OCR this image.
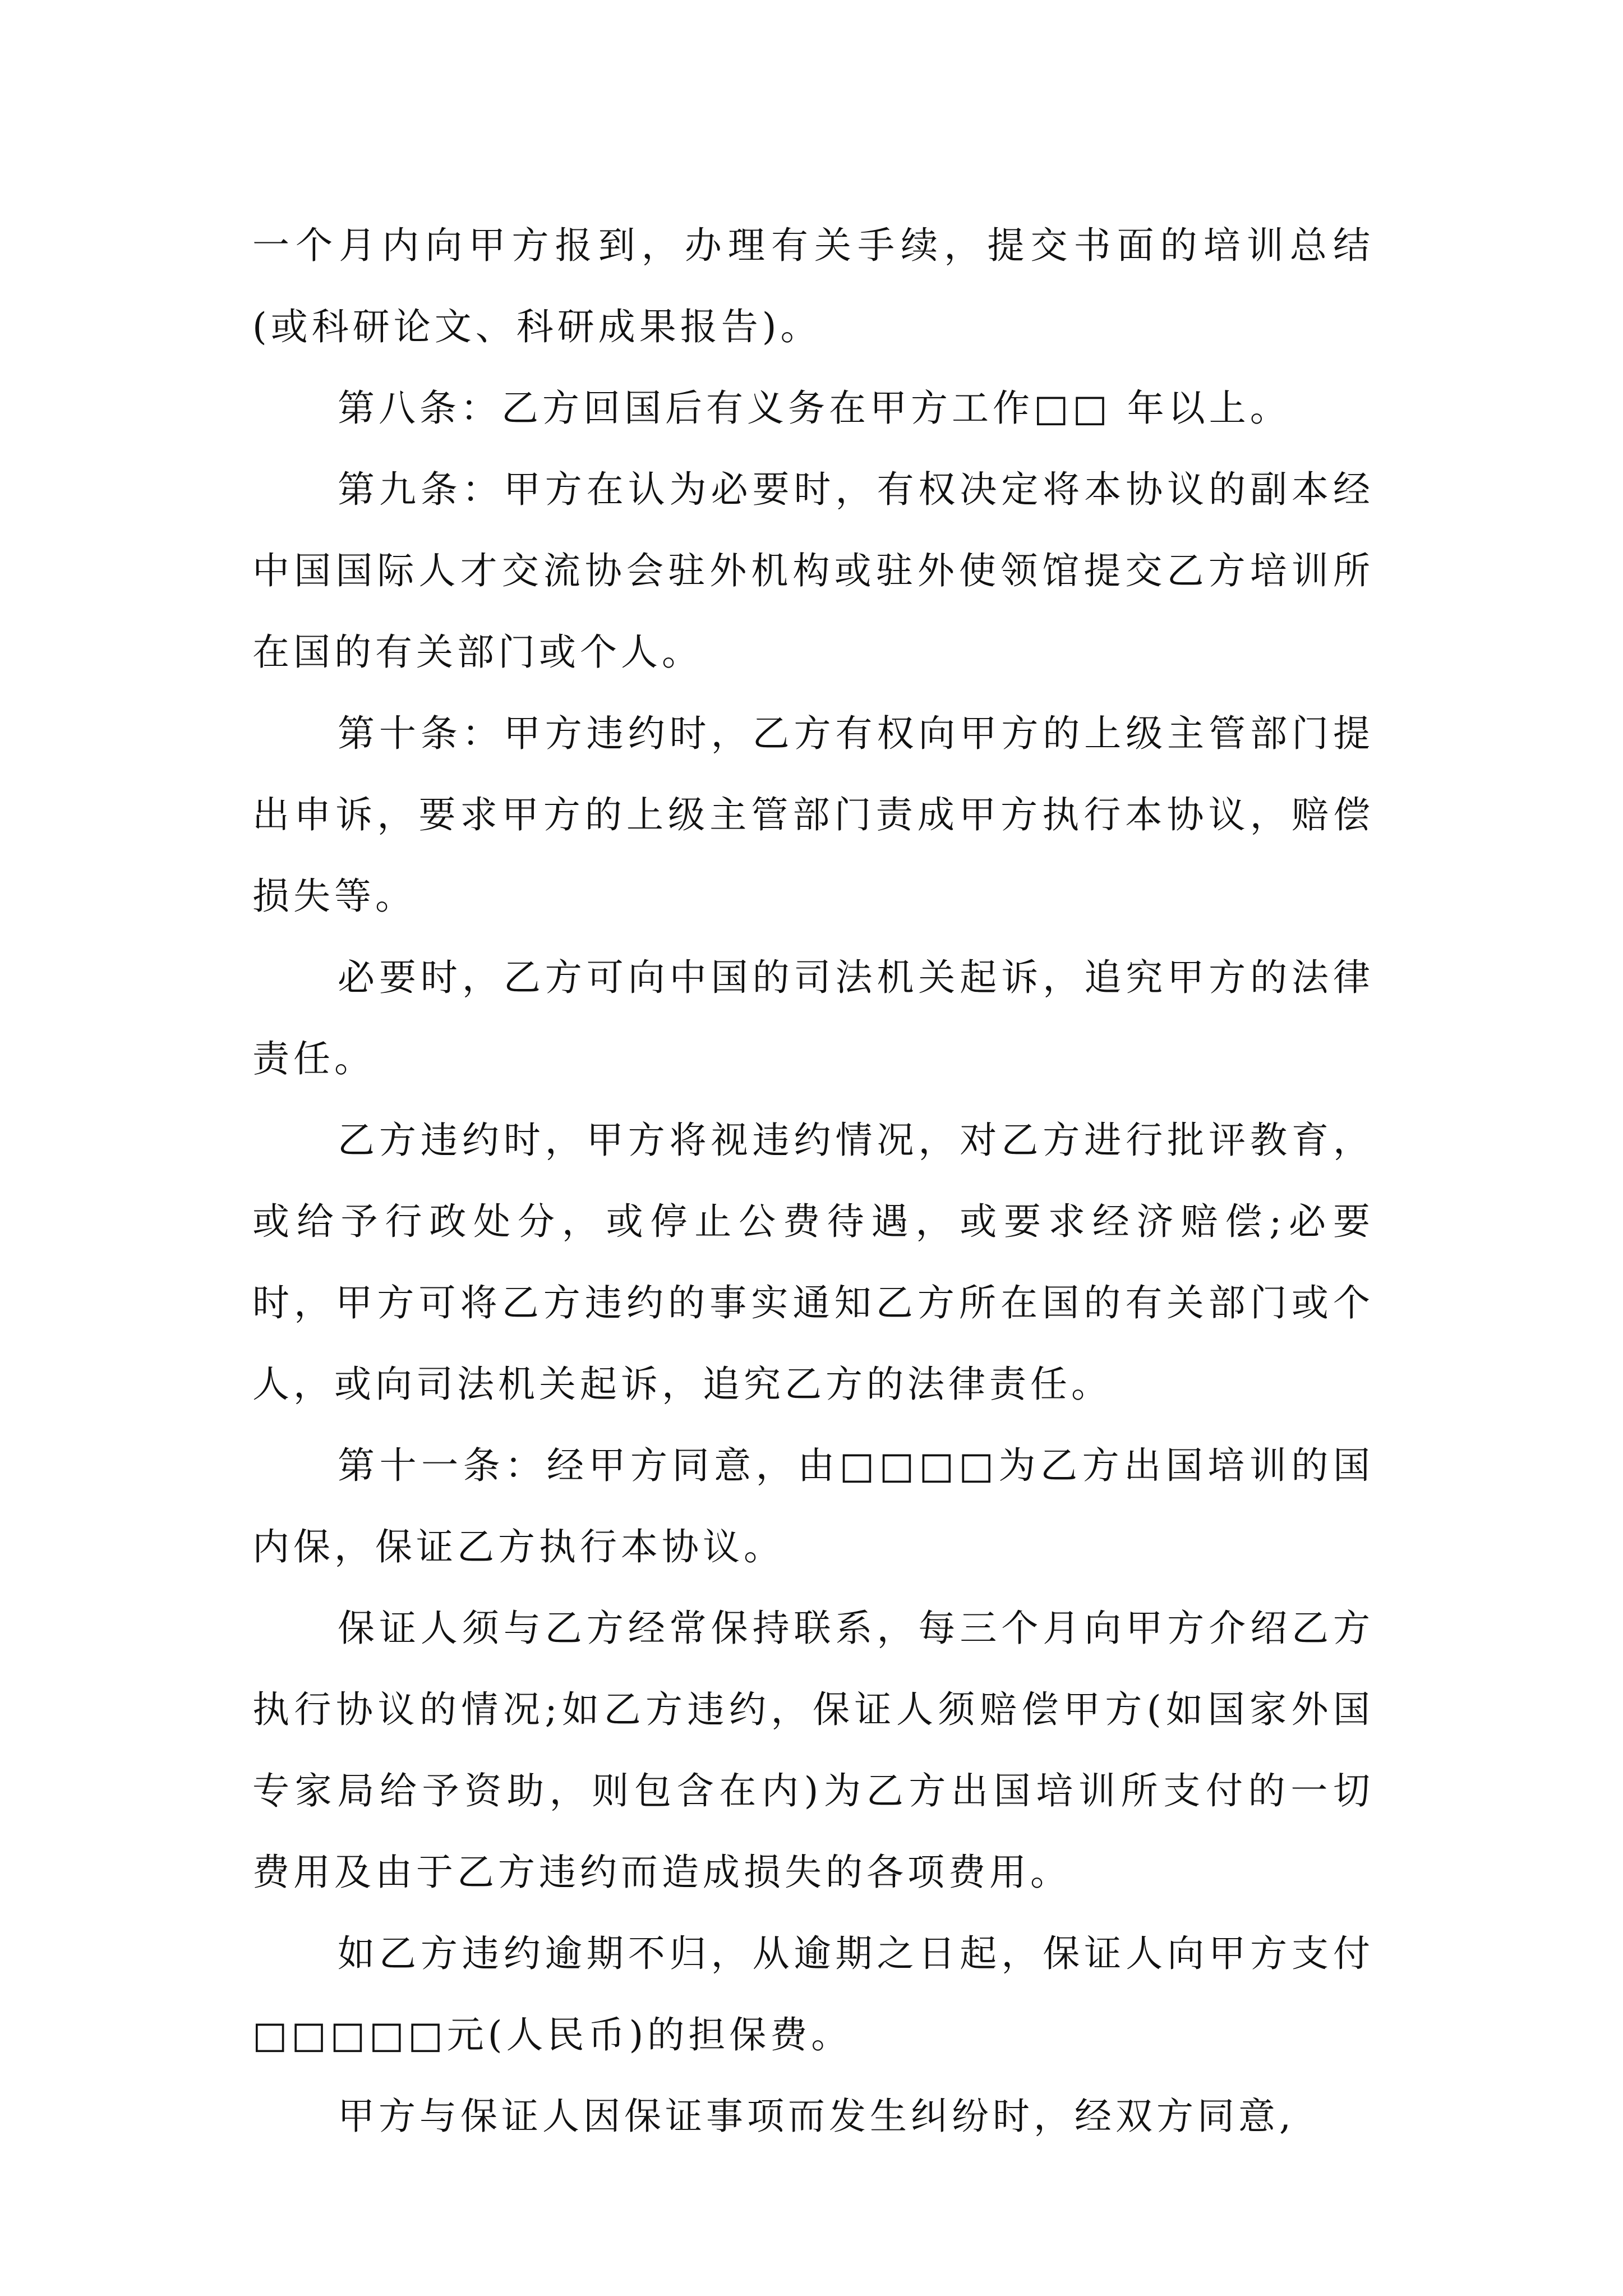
一个月内向甲方报到，办理有关手续，提交书面的培训总结(或科研论文、科研成果报告)。

第八条：乙方回国后有义务在甲方工作□□ 年以上。

第九条：甲方在认为必要时，有权决定将本协议的副本经中国国际人才交流协会驻外机构或驻外使领馆提交乙方培训所在国的有关部门或个人。

第十条：甲方违约时，乙方有权向甲方的上级主管部门提出申诉，要求甲方的上级主管部门责成甲方执行本协议，赔偿损失等。

必要时，乙方可向中国的司法机关起诉，追究甲方的法律责任。

乙方违约时，甲方将视违约情况，对乙方进行批评教育，或给予行政处分，或停止公费待遇，或要求经济赔偿;必要时，甲方可将乙方违约的事实通知乙方所在国的有关部门或个人，或向司法机关起诉，追究乙方的法律责任。

第十一条：经甲方同意，由□□□□为乙方出国培训的国内保，保证乙方执行本协议。

保证人须与乙方经常保持联系，每三个月向甲方介绍乙方执行协议的情况;如乙方违约，保证人须赔偿甲方(如国家外国专家局给予资助，则包含在内)为乙方出国培训所支付的一切费用及由于乙方违约而造成损失的各项费用。

如乙方违约逾期不归，从逾期之日起，保证人向甲方支付□□□□□元(人民币)的担保费。

甲方与保证人因保证事项而发生纠纷时，经双方同意,
